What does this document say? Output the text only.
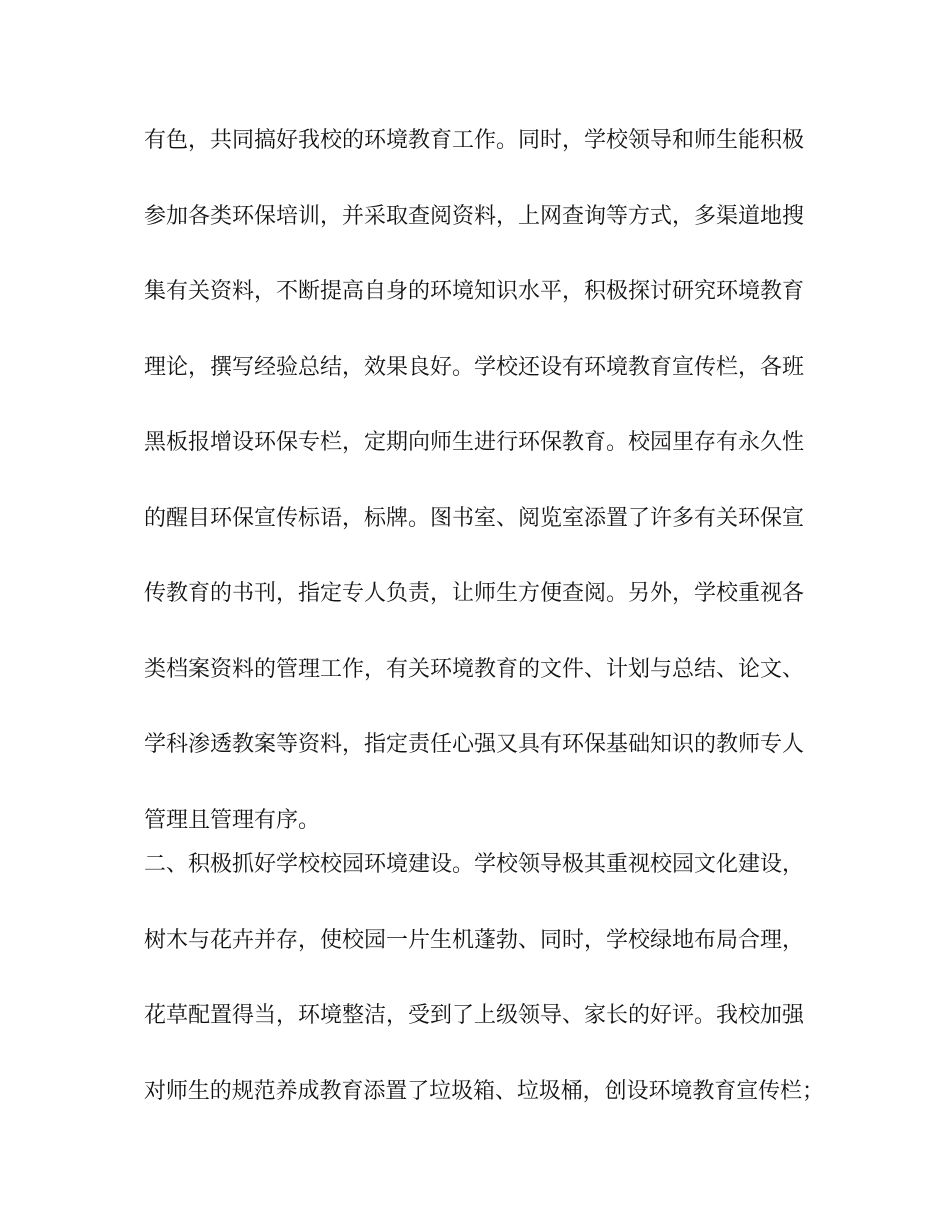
有色，共同搞好我校的环境教育工作。同时，学校领导和师生能积极
参加各类环保培训，并采取查阅资料，上网查询等方式，多渠道地搜
集有关资料，不断提高自身的环境知识水平，积极探讨研究环境教育
理论，撰写经验总结，效果良好。学校还设有环境教育宣传栏，各班
黑板报增设环保专栏，定期向师生进行环保教育。校园里存有永久性
的醒目环保宣传标语，标牌。图书室、阅览室添置了许多有关环保宣
传教育的书刊，指定专人负责，让师生方便查阅。另外，学校重视各
类档案资料的管理工作，有关环境教育的文件、计划与总结、论文、
学科渗透教案等资料，指定责任心强又具有环保基础知识的教师专人
管理且管理有序。
二、积极抓好学校校园环境建设。学校领导极其重视校园文化建设，
树木与花卉并存，使校园一片生机蓬勃、同时，学校绿地布局合理，
花草配置得当，环境整洁，受到了上级领导、家长的好评。我校加强
对师生的规范养成教育添置了垃圾箱、垃圾桶，创设环境教育宣传栏；
